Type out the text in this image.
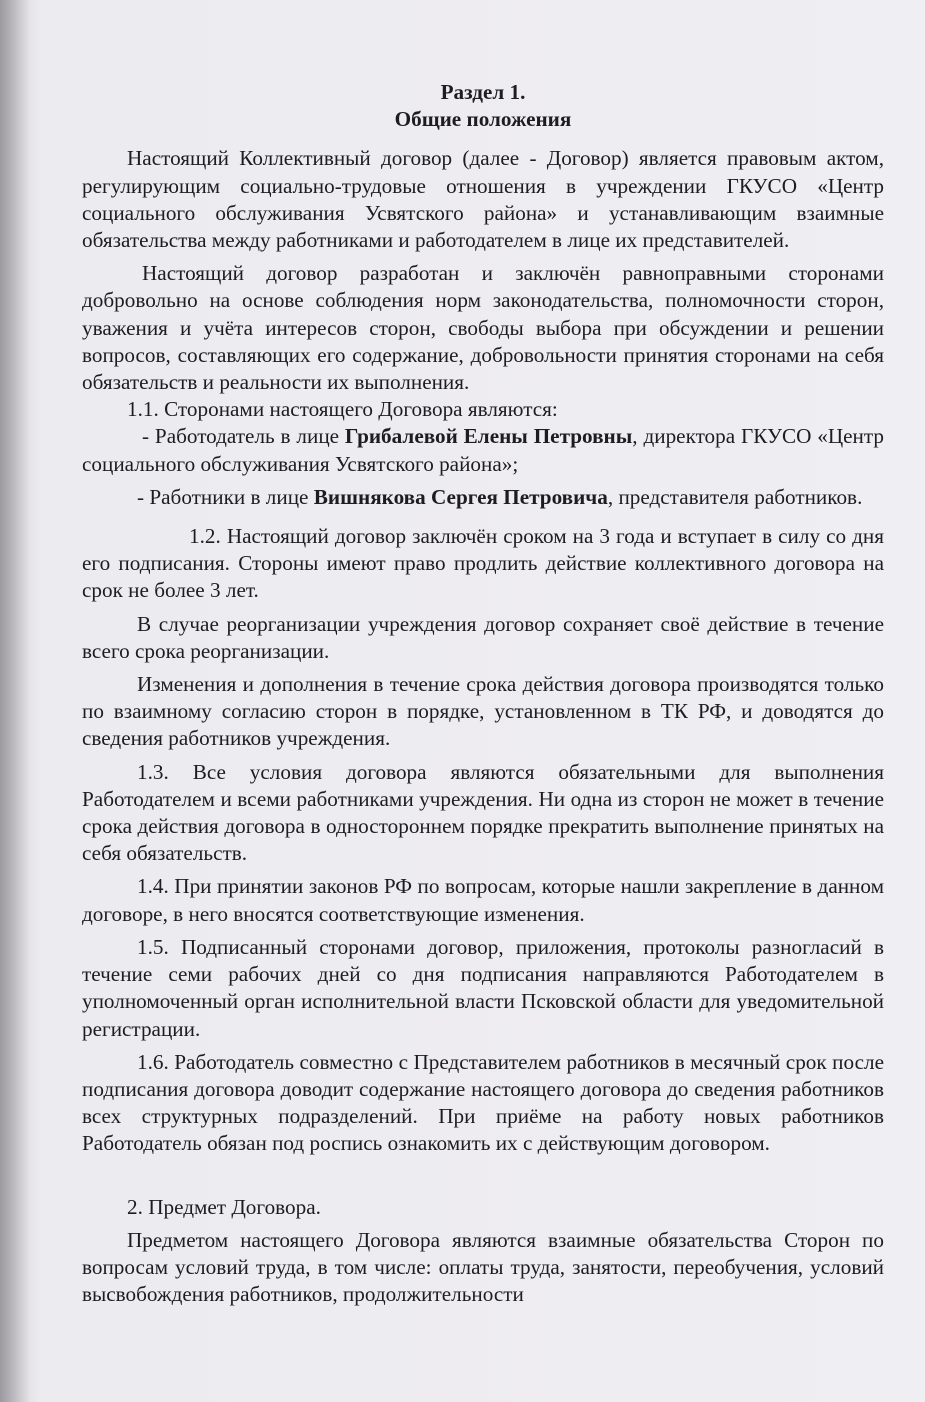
Раздел 1.

Общие положения

Настоящий Коллективный договор (далее - Договор) является правовым актом, регулирующим социально-трудовые отношения в учреждении ГКУСО «Центр социального обслуживания Усвятского района» и устанавливающим взаимные обязательства между работниками и работодателем в лице их представителей.

Настоящий договор разработан и заключён равноправными сторонами добровольно на основе соблюдения норм законодательства, полномочности сторон, уважения и учёта интересов сторон, свободы выбора при обсуждении и решении вопросов, составляющих его содержание, добровольности принятия сторонами на себя обязательств и реальности их выполнения.

1.1. Сторонами настоящего Договора являются:

- Работодатель в лице Грибалевой Елены Петровны, директора ГКУСО «Центр социального обслуживания Усвятского района»;

- Работники в лице Вишнякова Сергея Петровича, представителя работников.

1.2. Настоящий договор заключён сроком на 3 года и вступает в силу со дня его подписания. Стороны имеют право продлить действие коллективного договора на срок не более 3 лет.

В случае реорганизации учреждения договор сохраняет своё действие в течение всего срока реорганизации.

Изменения и дополнения в течение срока действия договора производятся только по взаимному согласию сторон в порядке, установленном в ТК РФ, и доводятся до сведения работников учреждения.

1.3. Все условия договора являются обязательными для выполнения Работодателем и всеми работниками учреждения. Ни одна из сторон не может в течение срока действия договора в одностороннем порядке прекратить выполнение принятых на себя обязательств.

1.4. При принятии законов РФ по вопросам, которые нашли закрепление в данном договоре, в него вносятся соответствующие изменения.

1.5. Подписанный сторонами договор, приложения, протоколы разногласий в течение семи рабочих дней со дня подписания направляются Работодателем в уполномоченный орган исполнительной власти Псковской области для уведомительной регистрации.

1.6. Работодатель совместно с Представителем работников в месячный срок после подписания договора доводит содержание настоящего договора до сведения работников всех структурных подразделений. При приёме на работу новых работников Работодатель обязан под роспись ознакомить их с действующим договором.

2. Предмет Договора.

Предметом настоящего Договора являются взаимные обязательства Сторон по вопросам условий труда, в том числе: оплаты труда, занятости, переобучения, условий высвобождения работников, продолжительности
